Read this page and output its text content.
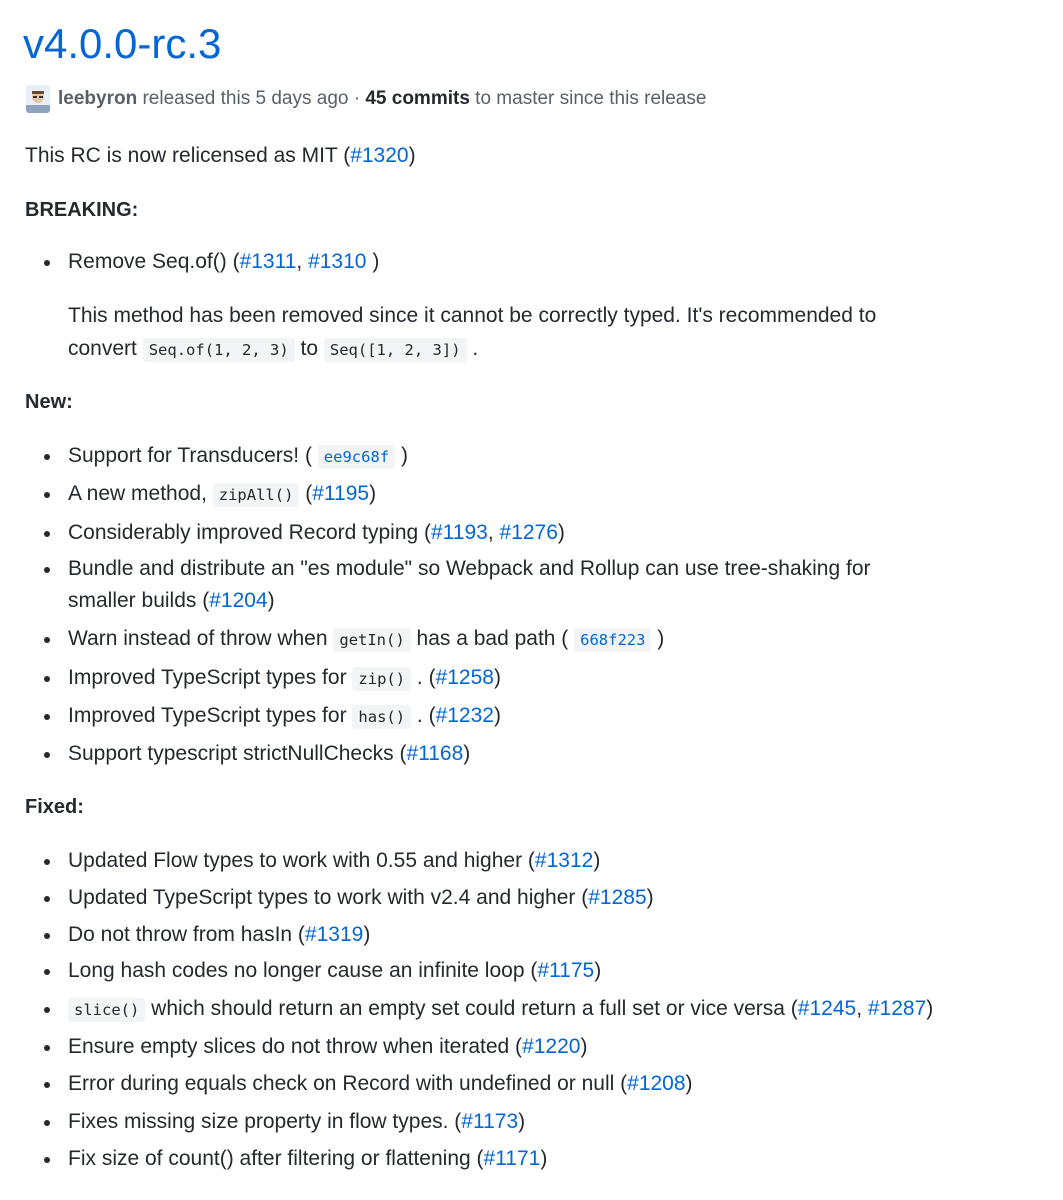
v4.0.0-rc.3
leebyron released this 5 days ago · 45 commits to master since this release
This RC is now relicensed as MIT (#1320)
BREAKING:
Remove Seq.of() (#1311, #1310 )
This method has been removed since it cannot be correctly typed. It's recommended to
convert Seq.of(1, 2, 3) to Seq([1, 2, 3]) .
New:
Support for Transducers! ( ee9c68f )
A new method, zipAll() (#1195)
Considerably improved Record typing (#1193, #1276)
Bundle and distribute an "es module" so Webpack and Rollup can use tree-shaking for
smaller builds (#1204)
Warn instead of throw when getIn() has a bad path ( 668f223 )
Improved TypeScript types for zip() . (#1258)
Improved TypeScript types for has() . (#1232)
Support typescript strictNullChecks (#1168)
Fixed:
Updated Flow types to work with 0.55 and higher (#1312)
Updated TypeScript types to work with v2.4 and higher (#1285)
Do not throw from hasIn (#1319)
Long hash codes no longer cause an infinite loop (#1175)
slice() which should return an empty set could return a full set or vice versa (#1245, #1287)
Ensure empty slices do not throw when iterated (#1220)
Error during equals check on Record with undefined or null (#1208)
Fixes missing size property in flow types. (#1173)
Fix size of count() after filtering or flattening (#1171)
